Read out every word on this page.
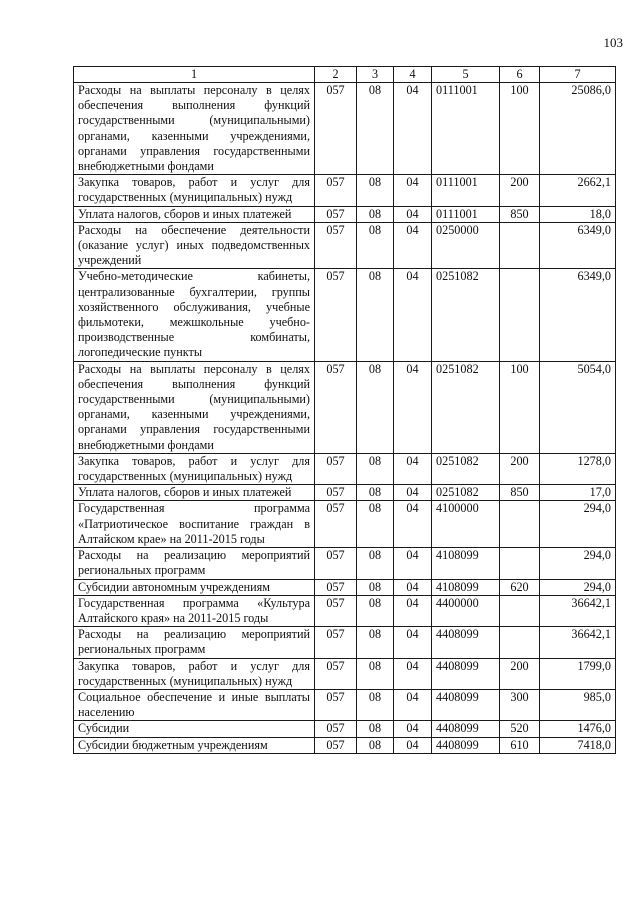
103
1	2	3	4	5	6	7
Расходы на выплаты персоналу в целях обеспечения выполнения функций государственными (муниципальными) органами, казенными учреждениями, органами управления государственными внебюджетными фондами	057	08	04	0111001	100	25086,0
Закупка товаров, работ и услуг для государственных (муниципальных) нужд	057	08	04	0111001	200	2662,1
Уплата налогов, сборов и иных платежей	057	08	04	0111001	850	18,0
Расходы на обеспечение деятельности (оказание услуг) иных подведомственных учреждений	057	08	04	0250000		6349,0
Учебно-методические кабинеты, централизованные бухгалтерии, группы хозяйственного обслуживания, учебные фильмотеки, межшкольные учебно-производственные комбинаты, логопедические пункты	057	08	04	0251082		6349,0
Расходы на выплаты персоналу в целях обеспечения выполнения функций государственными (муниципальными) органами, казенными учреждениями, органами управления государственными внебюджетными фондами	057	08	04	0251082	100	5054,0
Закупка товаров, работ и услуг для государственных (муниципальных) нужд	057	08	04	0251082	200	1278,0
Уплата налогов, сборов и иных платежей	057	08	04	0251082	850	17,0
Государственная программа «Патриотическое воспитание граждан в Алтайском крае» на 2011-2015 годы	057	08	04	4100000		294,0
Расходы на реализацию мероприятий региональных программ	057	08	04	4108099		294,0
Субсидии автономным учреждениям	057	08	04	4108099	620	294,0
Государственная программа «Культура Алтайского края» на 2011-2015 годы	057	08	04	4400000		36642,1
Расходы на реализацию мероприятий региональных программ	057	08	04	4408099		36642,1
Закупка товаров, работ и услуг для государственных (муниципальных) нужд	057	08	04	4408099	200	1799,0
Социальное обеспечение и иные выплаты населению	057	08	04	4408099	300	985,0
Субсидии	057	08	04	4408099	520	1476,0
Субсидии бюджетным учреждениям	057	08	04	4408099	610	7418,0
